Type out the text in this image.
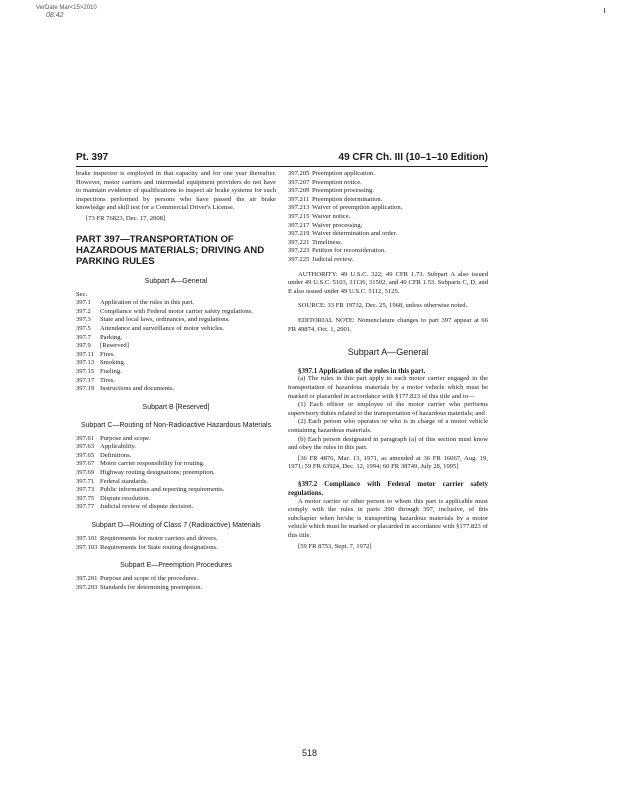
VerDate Mar<15>2010
08:42
Pt. 397	49 CFR Ch. III (10–1–10 Edition)

brake inspector is employed in that capacity and for one year thereafter. However, motor carriers and intermodal equipment providers do not have to maintain evidence of qualifications to inspect air brake systems for such inspections performed by persons who have passed the air brake knowledge and skill test for a Commercial Driver's License.

[73 FR 76823, Dec. 17, 2008]

PART 397—TRANSPORTATION OF HAZARDOUS MATERIALS; DRIVING AND PARKING RULES
Subpart A—General
Sec.
397.1	Application of the rules in this part.
397.2	Compliance with Federal motor carrier safety regulations.
397.3	State and local laws, ordinances, and regulations.
397.5	Attendance and surveillance of motor vehicles.
397.7	Parking.
397.9	[Reserved]
397.11 Fires.
397.13 Smoking.
397.15 Fueling.
397.17 Tires.
397.19 Instructions and documents.
Subpart B [Reserved]
Subpart C—Routing of Non-Radioactive Hazardous Materials
397.61 Purpose and scope.
397.63 Applicability.
397.65 Definitions.
397.67 Motor carrier responsibility for routing.
397.69 Highway routing designations; preemption.
397.71 Federal standards.
397.73 Public information and reporting requirements.
397.75 Dispute resolution.
397.77 Judicial review of dispute decision.
Subpart D—Routing of Class 7 (Radioactive) Materials
397.101 Requirements for motor carriers and drivers.
397.103 Requirements for State routing designations.
Subpart E—Preemption Procedures
397.201 Purpose and scope of the procedures.
397.203 Standards for determining preemption.
397.205 Preemption application.
397.207 Preemption notice.
397.209 Preemption processing.
397.211 Preemption determination.
397.213 Waiver of preemption application.
397.215 Waiver notice.
397.217 Waiver processing.
397.219 Waiver determination and order.
397.221 Timeliness.
397.223 Petition for reconsideration.
397.225 Judicial review.

AUTHORITY: 49 U.S.C. 322; 49 CFR 1.73. Subpart A also issued under 49 U.S.C. 5103, 31136, 31502, and 49 CFR 1.53. Subparts C, D, and E also issued under 49 U.S.C. 5112, 5125.

SOURCE: 33 FR 19732, Dec. 25, 1968, unless otherwise noted.

EDITORIAL NOTE: Nomenclature changes to part 397 appear at 66 FR 49874, Oct. 1, 2001.

Subpart A—General

§397.1 Application of the rules in this part.

(a) The rules in this part apply to each motor carrier engaged in the transportation of hazardous materials by a motor vehicle which must be marked or placarded in accordance with §177.823 of this title and to—

(1) Each officer or employee of the motor carrier who performs supervisory duties related to the transportation of hazardous materials; and

(2) Each person who operates or who is in charge of a motor vehicle containing hazardous materials.

(b) Each person designated in paragraph (a) of this section must know and obey the rules in this part.

[36 FR 4876, Mar. 13, 1971, as amended at 36 FR 16067, Aug. 19, 1971; 59 FR 63924, Dec. 12, 1994; 60 FR 38749, July 28, 1995]

§397.2 Compliance with Federal motor carrier safety regulations.

A motor carrier or other person to whom this part is applicable must comply with the rules in parts 390 through 397, inclusive, of this subchapter when he/she is transporting hazardous materials by a motor vehicle which must be marked or placarded in accordance with §177.823 of this title.

[59 FR 8753, Sept. 7, 1972]

518
